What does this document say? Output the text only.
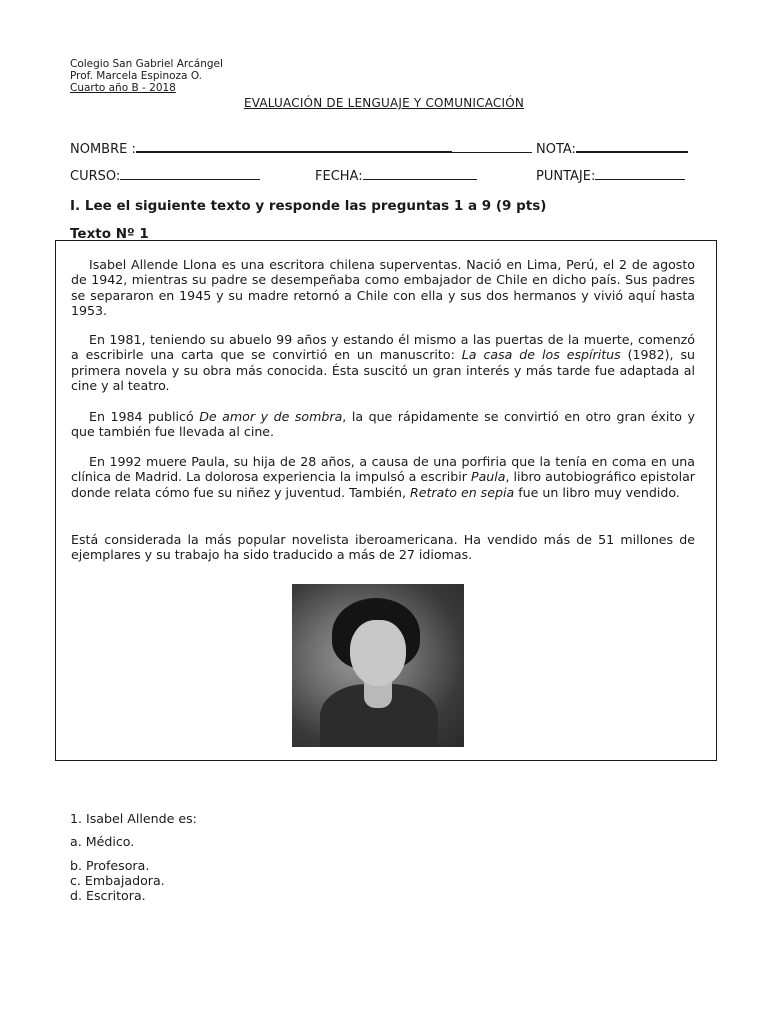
Colegio San Gabriel Arcángel
Prof. Marcela Espinoza O.
Cuarto año B - 2018
EVALUACIÓN DE LENGUAJE Y COMUNICACIÓN
NOMBRE :	NOTA:
CURSO:	FECHA:	PUNTAJE:
I. Lee el siguiente texto y responde las preguntas 1 a 9 (9 pts)
Texto Nº 1

Isabel Allende Llona es una escritora chilena superventas. Nació en Lima, Perú, el 2 de agosto de 1942, mientras su padre se desempeñaba como embajador de Chile en dicho país. Sus padres se separaron en 1945 y su madre retornó a Chile con ella y sus dos hermanos y vivió aquí hasta 1953.

En 1981, teniendo su abuelo 99 años y estando él mismo a las puertas de la muerte, comenzó a escribirle una carta que se convirtió en un manuscrito: La casa de los espíritus (1982), su primera novela y su obra más conocida. Ésta suscitó un gran interés y más tarde fue adaptada al cine y al teatro.

En 1984 publicó De amor y de sombra, la que rápidamente se convirtió en otro gran éxito y que también fue llevada al cine.

En 1992 muere Paula, su hija de 28 años, a causa de una porfiria que la tenía en coma en una clínica de Madrid. La dolorosa experiencia la impulsó a escribir Paula, libro autobiográfico epistolar donde relata cómo fue su niñez y juventud. También, Retrato en sepia fue un libro muy vendido.

Está considerada la más popular novelista iberoamericana. Ha vendido más de 51 millones de ejemplares y su trabajo ha sido traducido a más de 27 idiomas.

1. Isabel Allende es:
a. Médico.
b. Profesora.
c. Embajadora.
d. Escritora.
